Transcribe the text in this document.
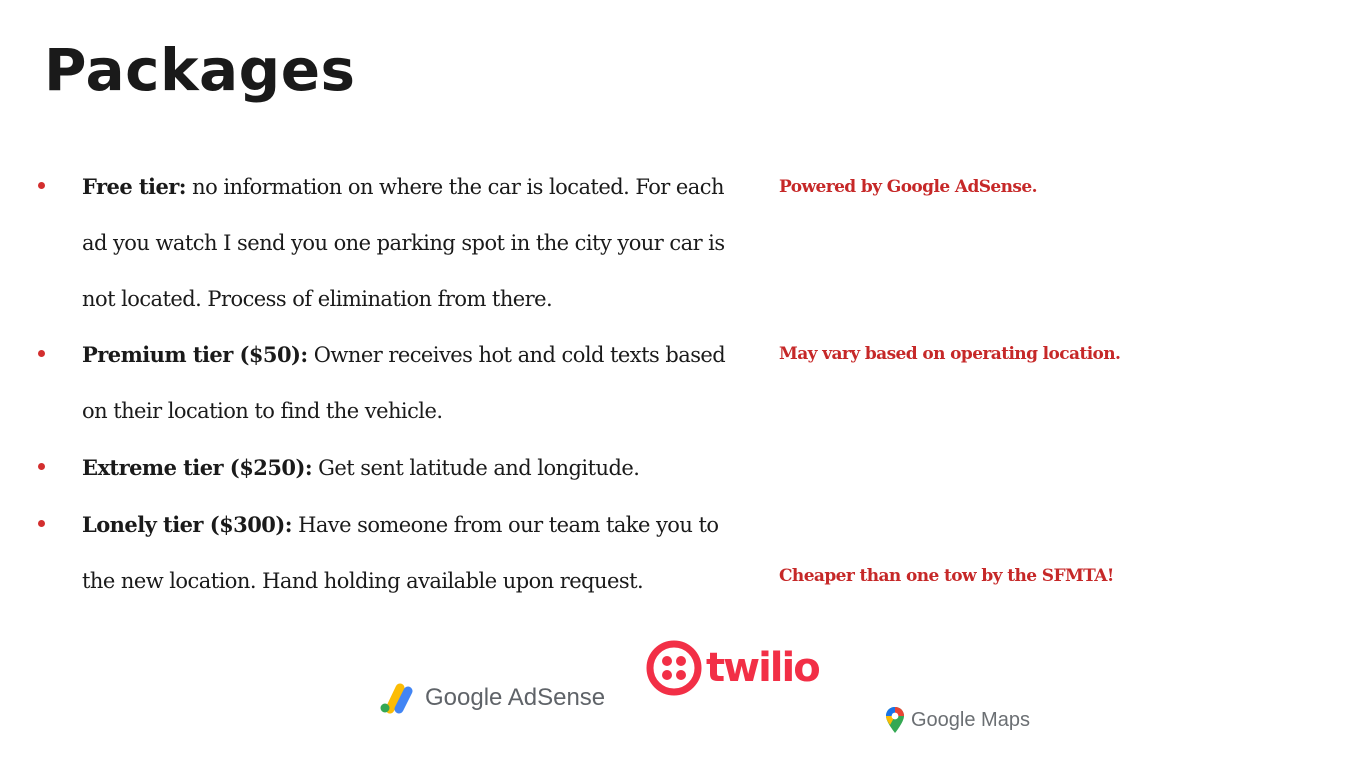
Packages
Free tier: no information on where the car is located. For each ad you watch I send you one parking spot in the city your car is not located. Process of elimination from there.
Premium tier ($50): Owner receives hot and cold texts based on their location to find the vehicle.
Extreme tier ($250): Get sent latitude and longitude.
Lonely tier ($300): Have someone from our team take you to the new location. Hand holding available upon request.
Powered by Google AdSense.
May vary based on operating location.
Cheaper than one tow by the SFMTA!
Google AdSense
twilio
Google Maps
